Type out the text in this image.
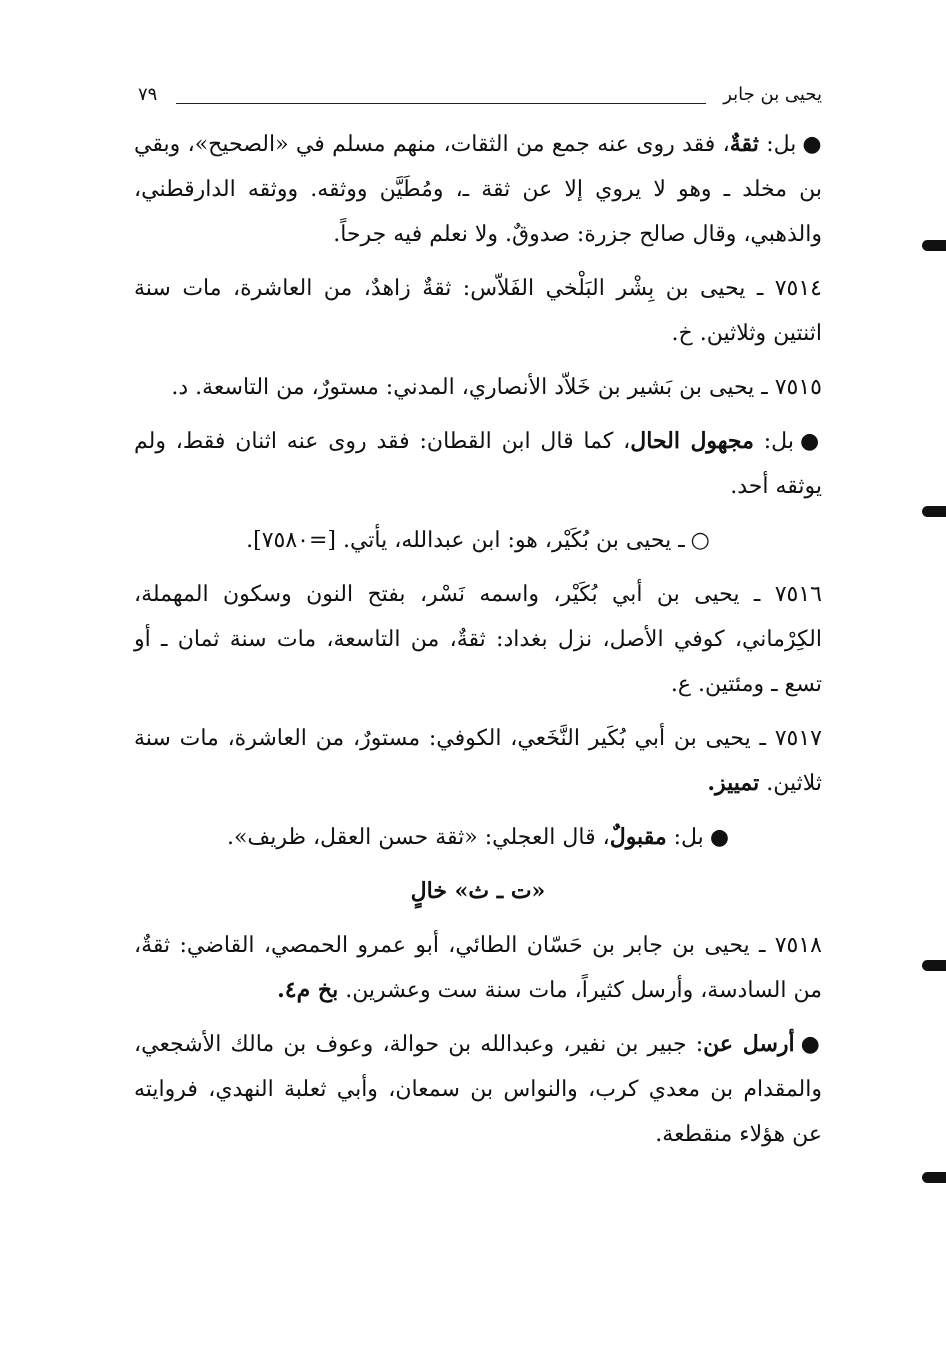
يحيى بن جابر
٧٩

●بل: ثقةٌ، فقد روى عنه جمع من الثقات، منهم مسلم في «الصحيح»، وبقي بن مخلد ـ وهو لا يروي إلا عن ثقة ـ، ومُطَيَّن ووثقه. ووثقه الدارقطني، والذهبي، وقال صالح جزرة: صدوقٌ. ولا نعلم فيه جرحاً.

٧٥١٤ ـ يحيى بن بِشْر البَلْخي الفَلاّس: ثقةٌ زاهدٌ، من العاشرة، مات سنة اثنتين وثلاثين. خ.

٧٥١٥ ـ يحيى بن بَشير بن خَلاّد الأنصاري، المدني: مستورٌ، من التاسعة. د.

●بل: مجهول الحال، كما قال ابن القطان: فقد روى عنه اثنان فقط، ولم يوثقه أحد.

○ـ يحيى بن بُكَيْر، هو: ابن عبدالله، يأتي. [=٧٥٨٠].

٧٥١٦ ـ يحيى بن أبي بُكَيْر، واسمه نَسْر، بفتح النون وسكون المهملة، الكِرْماني، كوفي الأصل، نزل بغداد: ثقةٌ، من التاسعة، مات سنة ثمان ـ أو تسع ـ ومئتين. ع.

٧٥١٧ ـ يحيى بن أبي بُكَير النَّخَعي، الكوفي: مستورٌ، من العاشرة، مات سنة ثلاثين. تمييز.

●بل: مقبولٌ، قال العجلي: «ثقة حسن العقل، ظريف».

«ت ـ ث» خالٍ

٧٥١٨ ـ يحيى بن جابر بن حَسّان الطائي، أبو عمرو الحمصي، القاضي: ثقةٌ، من السادسة، وأرسل كثيراً، مات سنة ست وعشرين. بخ م٤.

●أرسل عن: جبير بن نفير، وعبدالله بن حوالة، وعوف بن مالك الأشجعي، والمقدام بن معدي كرب، والنواس بن سمعان، وأبي ثعلبة النهدي، فروايته عن هؤلاء منقطعة.
